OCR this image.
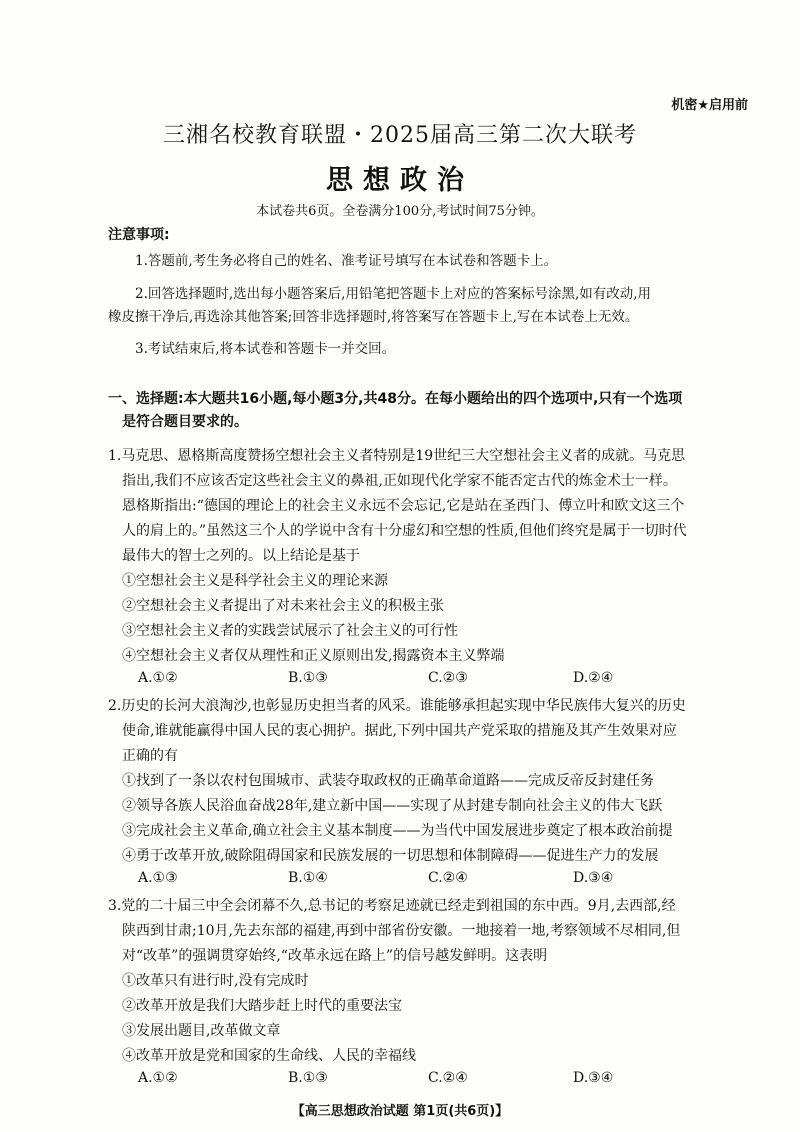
机密★启用前
三湘名校教育联盟・2025届高三第二次大联考
思想政治
本试卷共6页。全卷满分100分,考试时间75分钟。
注意事项:
1.答题前,考生务必将自己的姓名、准考证号填写在本试卷和答题卡上。
2.回答选择题时,选出每小题答案后,用铅笔把答题卡上对应的答案标号涂黑,如有改动,用
橡皮擦干净后,再选涂其他答案;回答非选择题时,将答案写在答题卡上,写在本试卷上无效。
3.考试结束后,将本试卷和答题卡一并交回。
一、选择题:本大题共16小题,每小题3分,共48分。在每小题给出的四个选项中,只有一个选项
是符合题目要求的。
1.马克思、恩格斯高度赞扬空想社会主义者特别是19世纪三大空想社会主义者的成就。马克思
指出,我们不应该否定这些社会主义的鼻祖,正如现代化学家不能否定古代的炼金术士一样。
恩格斯指出:“德国的理论上的社会主义永远不会忘记,它是站在圣西门、傅立叶和欧文这三个
人的肩上的。”虽然这三个人的学说中含有十分虚幻和空想的性质,但他们终究是属于一切时代
最伟大的智士之列的。以上结论是基于
①空想社会主义是科学社会主义的理论来源
②空想社会主义者提出了对未来社会主义的积极主张
③空想社会主义者的实践尝试展示了社会主义的可行性
④空想社会主义者仅从理性和正义原则出发,揭露资本主义弊端
A.①②	B.①③	C.②③	D.②④
2.历史的长河大浪淘沙,也彰显历史担当者的风采。谁能够承担起实现中华民族伟大复兴的历史
使命,谁就能赢得中国人民的衷心拥护。据此,下列中国共产党采取的措施及其产生效果对应
正确的有
①找到了一条以农村包围城市、武装夺取政权的正确革命道路——完成反帝反封建任务
②领导各族人民浴血奋战28年,建立新中国——实现了从封建专制向社会主义的伟大飞跃
③完成社会主义革命,确立社会主义基本制度——为当代中国发展进步奠定了根本政治前提
④勇于改革开放,破除阻碍国家和民族发展的一切思想和体制障碍——促进生产力的发展
A.①③	B.①④	C.②④	D.③④
3.党的二十届三中全会闭幕不久,总书记的考察足迹就已经走到祖国的东中西。9月,去西部,经
陕西到甘肃;10月,先去东部的福建,再到中部省份安徽。一地接着一地,考察领域不尽相同,但
对“改革”的强调贯穿始终,“改革永远在路上”的信号越发鲜明。这表明
①改革只有进行时,没有完成时
②改革开放是我们大踏步赶上时代的重要法宝
③发展出题目,改革做文章
④改革开放是党和国家的生命线、人民的幸福线
A.①②	B.①③	C.②④	D.③④
【高三思想政治试题 第1页(共6页)】
